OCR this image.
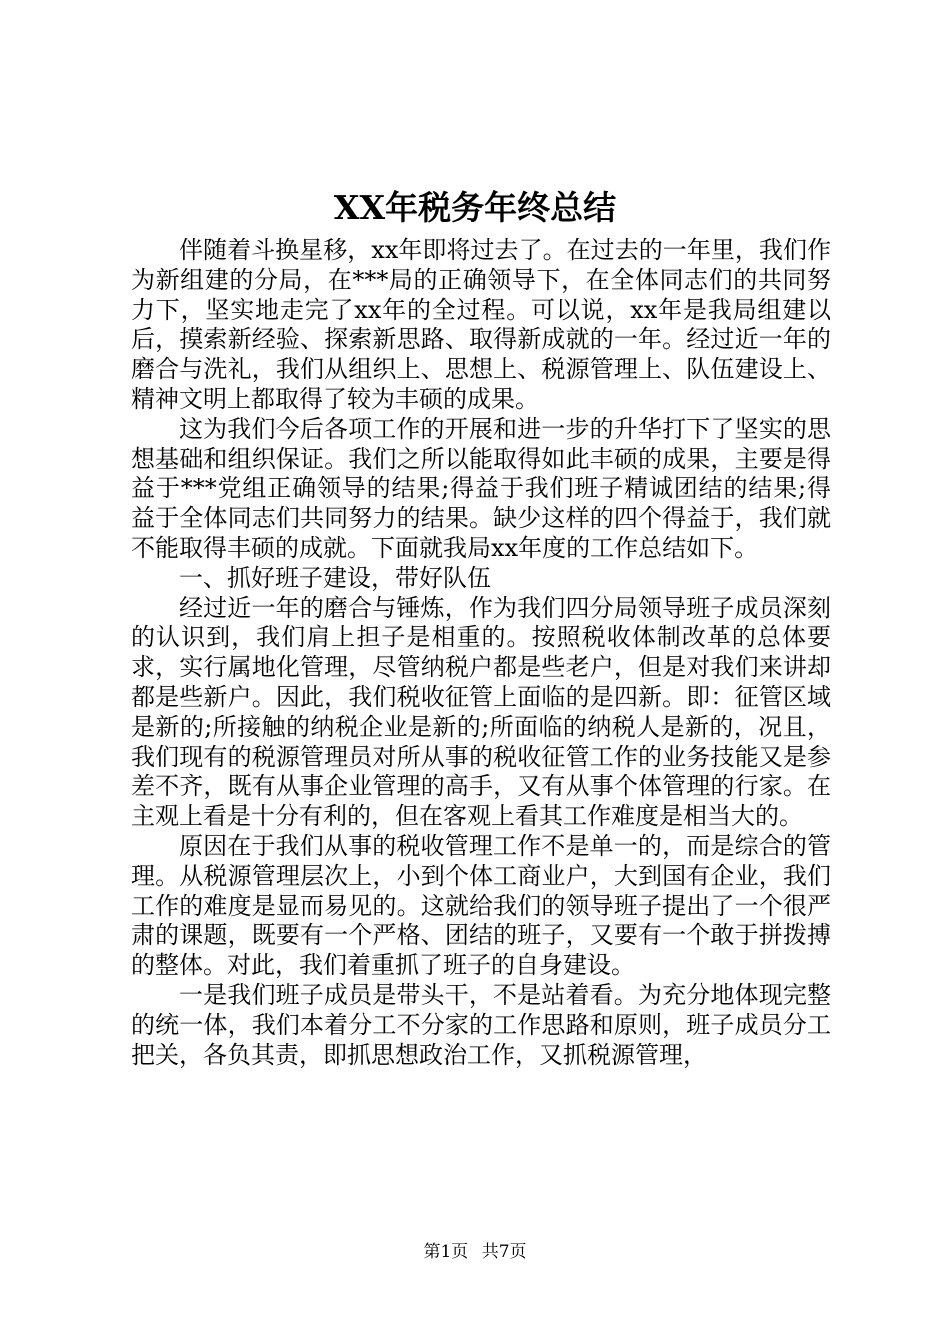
XX年税务年终总结

伴随着斗换星移，xx年即将过去了。在过去的一年里，我们作为新组建的分局，在***局的正确领导下，在全体同志们的共同努力下，坚实地走完了xx年的全过程。可以说，xx年是我局组建以后，摸索新经验、探索新思路、取得新成就的一年。经过近一年的磨合与洗礼，我们从组织上、思想上、税源管理上、队伍建设上、精神文明上都取得了较为丰硕的成果。

这为我们今后各项工作的开展和进一步的升华打下了坚实的思想基础和组织保证。我们之所以能取得如此丰硕的成果，主要是得益于***党组正确领导的结果;得益于我们班子精诚团结的结果;得益于全体同志们共同努力的结果。缺少这样的四个得益于，我们就不能取得丰硕的成就。下面就我局xx年度的工作总结如下。

一、抓好班子建设，带好队伍

经过近一年的磨合与锤炼，作为我们四分局领导班子成员深刻的认识到，我们肩上担子是相重的。按照税收体制改革的总体要求，实行属地化管理，尽管纳税户都是些老户，但是对我们来讲却都是些新户。因此，我们税收征管上面临的是四新。即：征管区域是新的;所接触的纳税企业是新的;所面临的纳税人是新的，况且，我们现有的税源管理员对所从事的税收征管工作的业务技能又是参差不齐，既有从事企业管理的高手，又有从事个体管理的行家。在主观上看是十分有利的，但在客观上看其工作难度是相当大的。

原因在于我们从事的税收管理工作不是单一的，而是综合的管理。从税源管理层次上，小到个体工商业户，大到国有企业，我们工作的难度是显而易见的。这就给我们的领导班子提出了一个很严肃的课题，既要有一个严格、团结的班子，又要有一个敢于拼拨搏的整体。对此，我们着重抓了班子的自身建设。

一是我们班子成员是带头干，不是站着看。为充分地体现完整的统一体，我们本着分工不分家的工作思路和原则，班子成员分工把关，各负其责，即抓思想政治工作，又抓税源管理，

第1页 共7页
